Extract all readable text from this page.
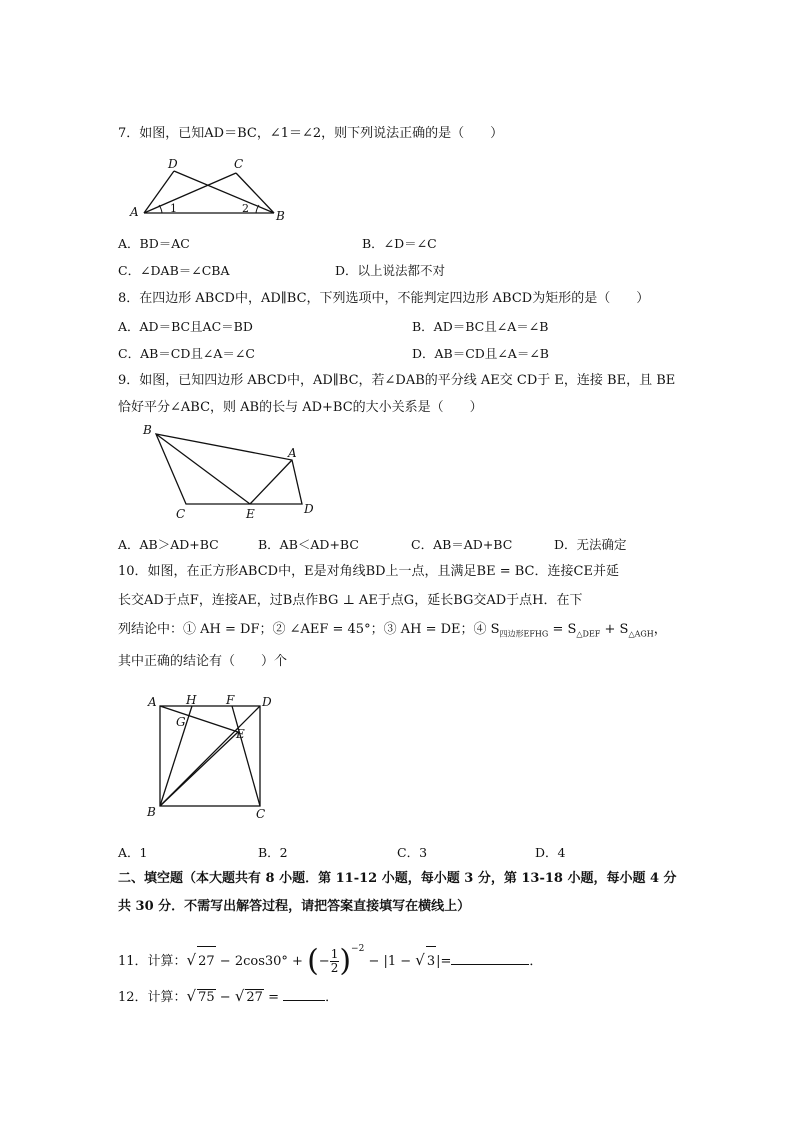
7．如图，已知AD＝BC，∠1＝∠2，则下列说法正确的是（　　）
D	C
A	B
1	2
A．BD＝AC	B．∠D＝∠C
C．∠DAB＝∠CBA	D．以上说法都不对
8．在四边形 ABCD中，AD∥BC，下列选项中，不能判定四边形 ABCD为矩形的是（　　）
A．AD＝BC且AC＝BD	B．AD＝BC且∠A＝∠B
C．AB＝CD且∠A＝∠C	D．AB＝CD且∠A＝∠B
9．如图，已知四边形 ABCD中，AD∥BC，若∠DAB的平分线 AE交 CD于 E，连接 BE，且 BE
恰好平分∠ABC，则 AB的长与 AD+BC的大小关系是（　　）
B
A
C	E	D
A．AB＞AD+BC	B．AB＜AD+BC	C．AB＝AD+BC	D．无法确定
10．如图，在正方形ABCD中，E是对角线BD上一点，且满足BE = BC．连接CE并延
长交AD于点F，连接AE，过B点作BG ⊥ AE于点G，延长BG交AD于点H．在下
列结论中：① AH = DF；② ∠AEF = 45°；③ AH = DE；④ $S_{四边形EFHG} = S_{\triangle DEF} + S_{\triangle AGH}$，
其中正确的结论有（　　）个
A H F D
G
E
B	C
A．1	B．2	C．3	D．4
二、填空题（本大题共有 8 小题．第 11-12 小题，每小题 3 分，第 13-18 小题，每小题 4 分
共 30 分．不需写出解答过程，请把答案直接填写在横线上）
11．计算：√ 27 − 2cos30° + (− $\frac{1}{2} )^{-2} - |1$ − √ 3|=	．
12．计算：√ 75 − √ 27 =	．
